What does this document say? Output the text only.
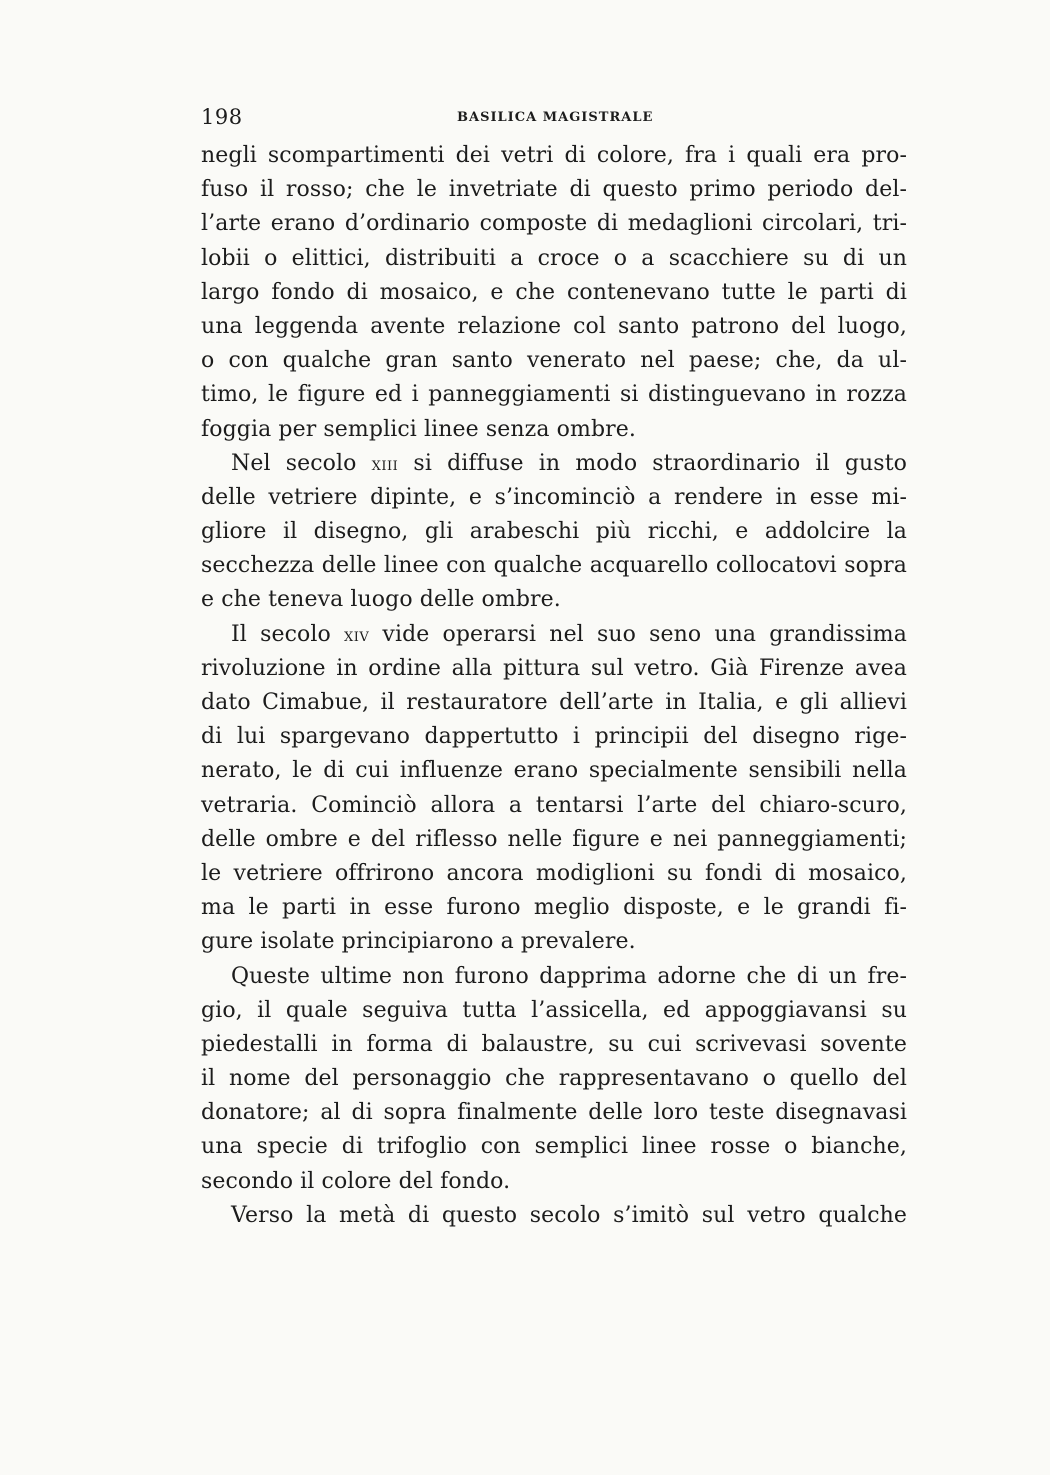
198	BASILICA MAGISTRALE
negli scompartimenti dei vetri di colore, fra i quali era pro-
fuso il rosso; che le invetriate di questo primo periodo del-
l’arte erano d’ordinario composte di medaglioni circolari, tri-
lobii o elittici, distribuiti a croce o a scacchiere su di un
largo fondo di mosaico, e che contenevano tutte le parti di
una leggenda avente relazione col santo patrono del luogo,
o con qualche gran santo venerato nel paese; che, da ul-
timo, le figure ed i panneggiamenti si distinguevano in rozza
foggia per semplici linee senza ombre.
Nel secolo xiii si diffuse in modo straordinario il gusto
delle vetriere dipinte, e s’incominciò a rendere in esse mi-
gliore il disegno, gli arabeschi più ricchi, e addolcire la
secchezza delle linee con qualche acquarello collocatovi sopra
e che teneva luogo delle ombre.
Il secolo xiv vide operarsi nel suo seno una grandissima
rivoluzione in ordine alla pittura sul vetro. Già Firenze avea
dato Cimabue, il restauratore dell’arte in Italia, e gli allievi
di lui spargevano dappertutto i principii del disegno rige-
nerato, le di cui influenze erano specialmente sensibili nella
vetraria. Cominciò allora a tentarsi l’arte del chiaro-scuro,
delle ombre e del riflesso nelle figure e nei panneggiamenti;
le vetriere offrirono ancora modiglioni su fondi di mosaico,
ma le parti in esse furono meglio disposte, e le grandi fi-
gure isolate principiarono a prevalere.
Queste ultime non furono dapprima adorne che di un fre-
gio, il quale seguiva tutta l’assicella, ed appoggiavansi su
piedestalli in forma di balaustre, su cui scrivevasi sovente
il nome del personaggio che rappresentavano o quello del
donatore; al di sopra finalmente delle loro teste disegnavasi
una specie di trifoglio con semplici linee rosse o bianche,
secondo il colore del fondo.
Verso la metà di questo secolo s’imitò sul vetro qualche
